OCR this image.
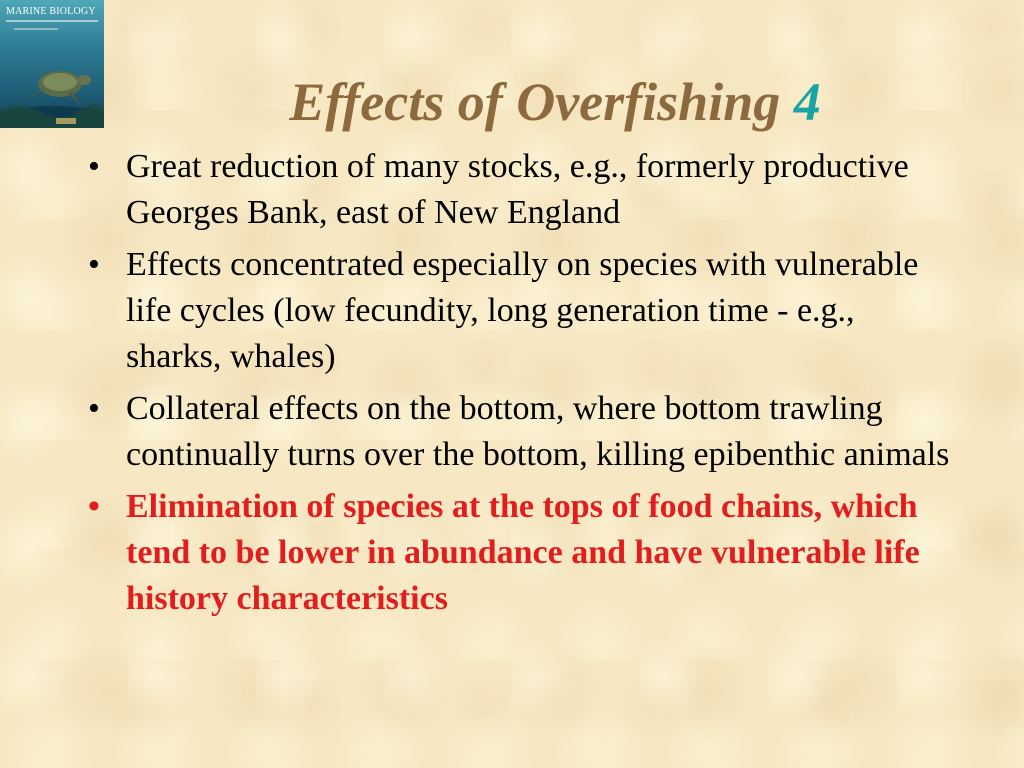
MARINE BIOLOGY
Effects of Overfishing 4
• Great reduction of many stocks, e.g., formerly productive Georges Bank, east of New England
• Effects concentrated especially on species with vulnerable life cycles (low fecundity, long generation time - e.g., sharks, whales)
• Collateral effects on the bottom, where bottom trawling continually turns over the bottom, killing epibenthic animals
• Elimination of species at the tops of food chains, which tend to be lower in abundance and have vulnerable life history characteristics
